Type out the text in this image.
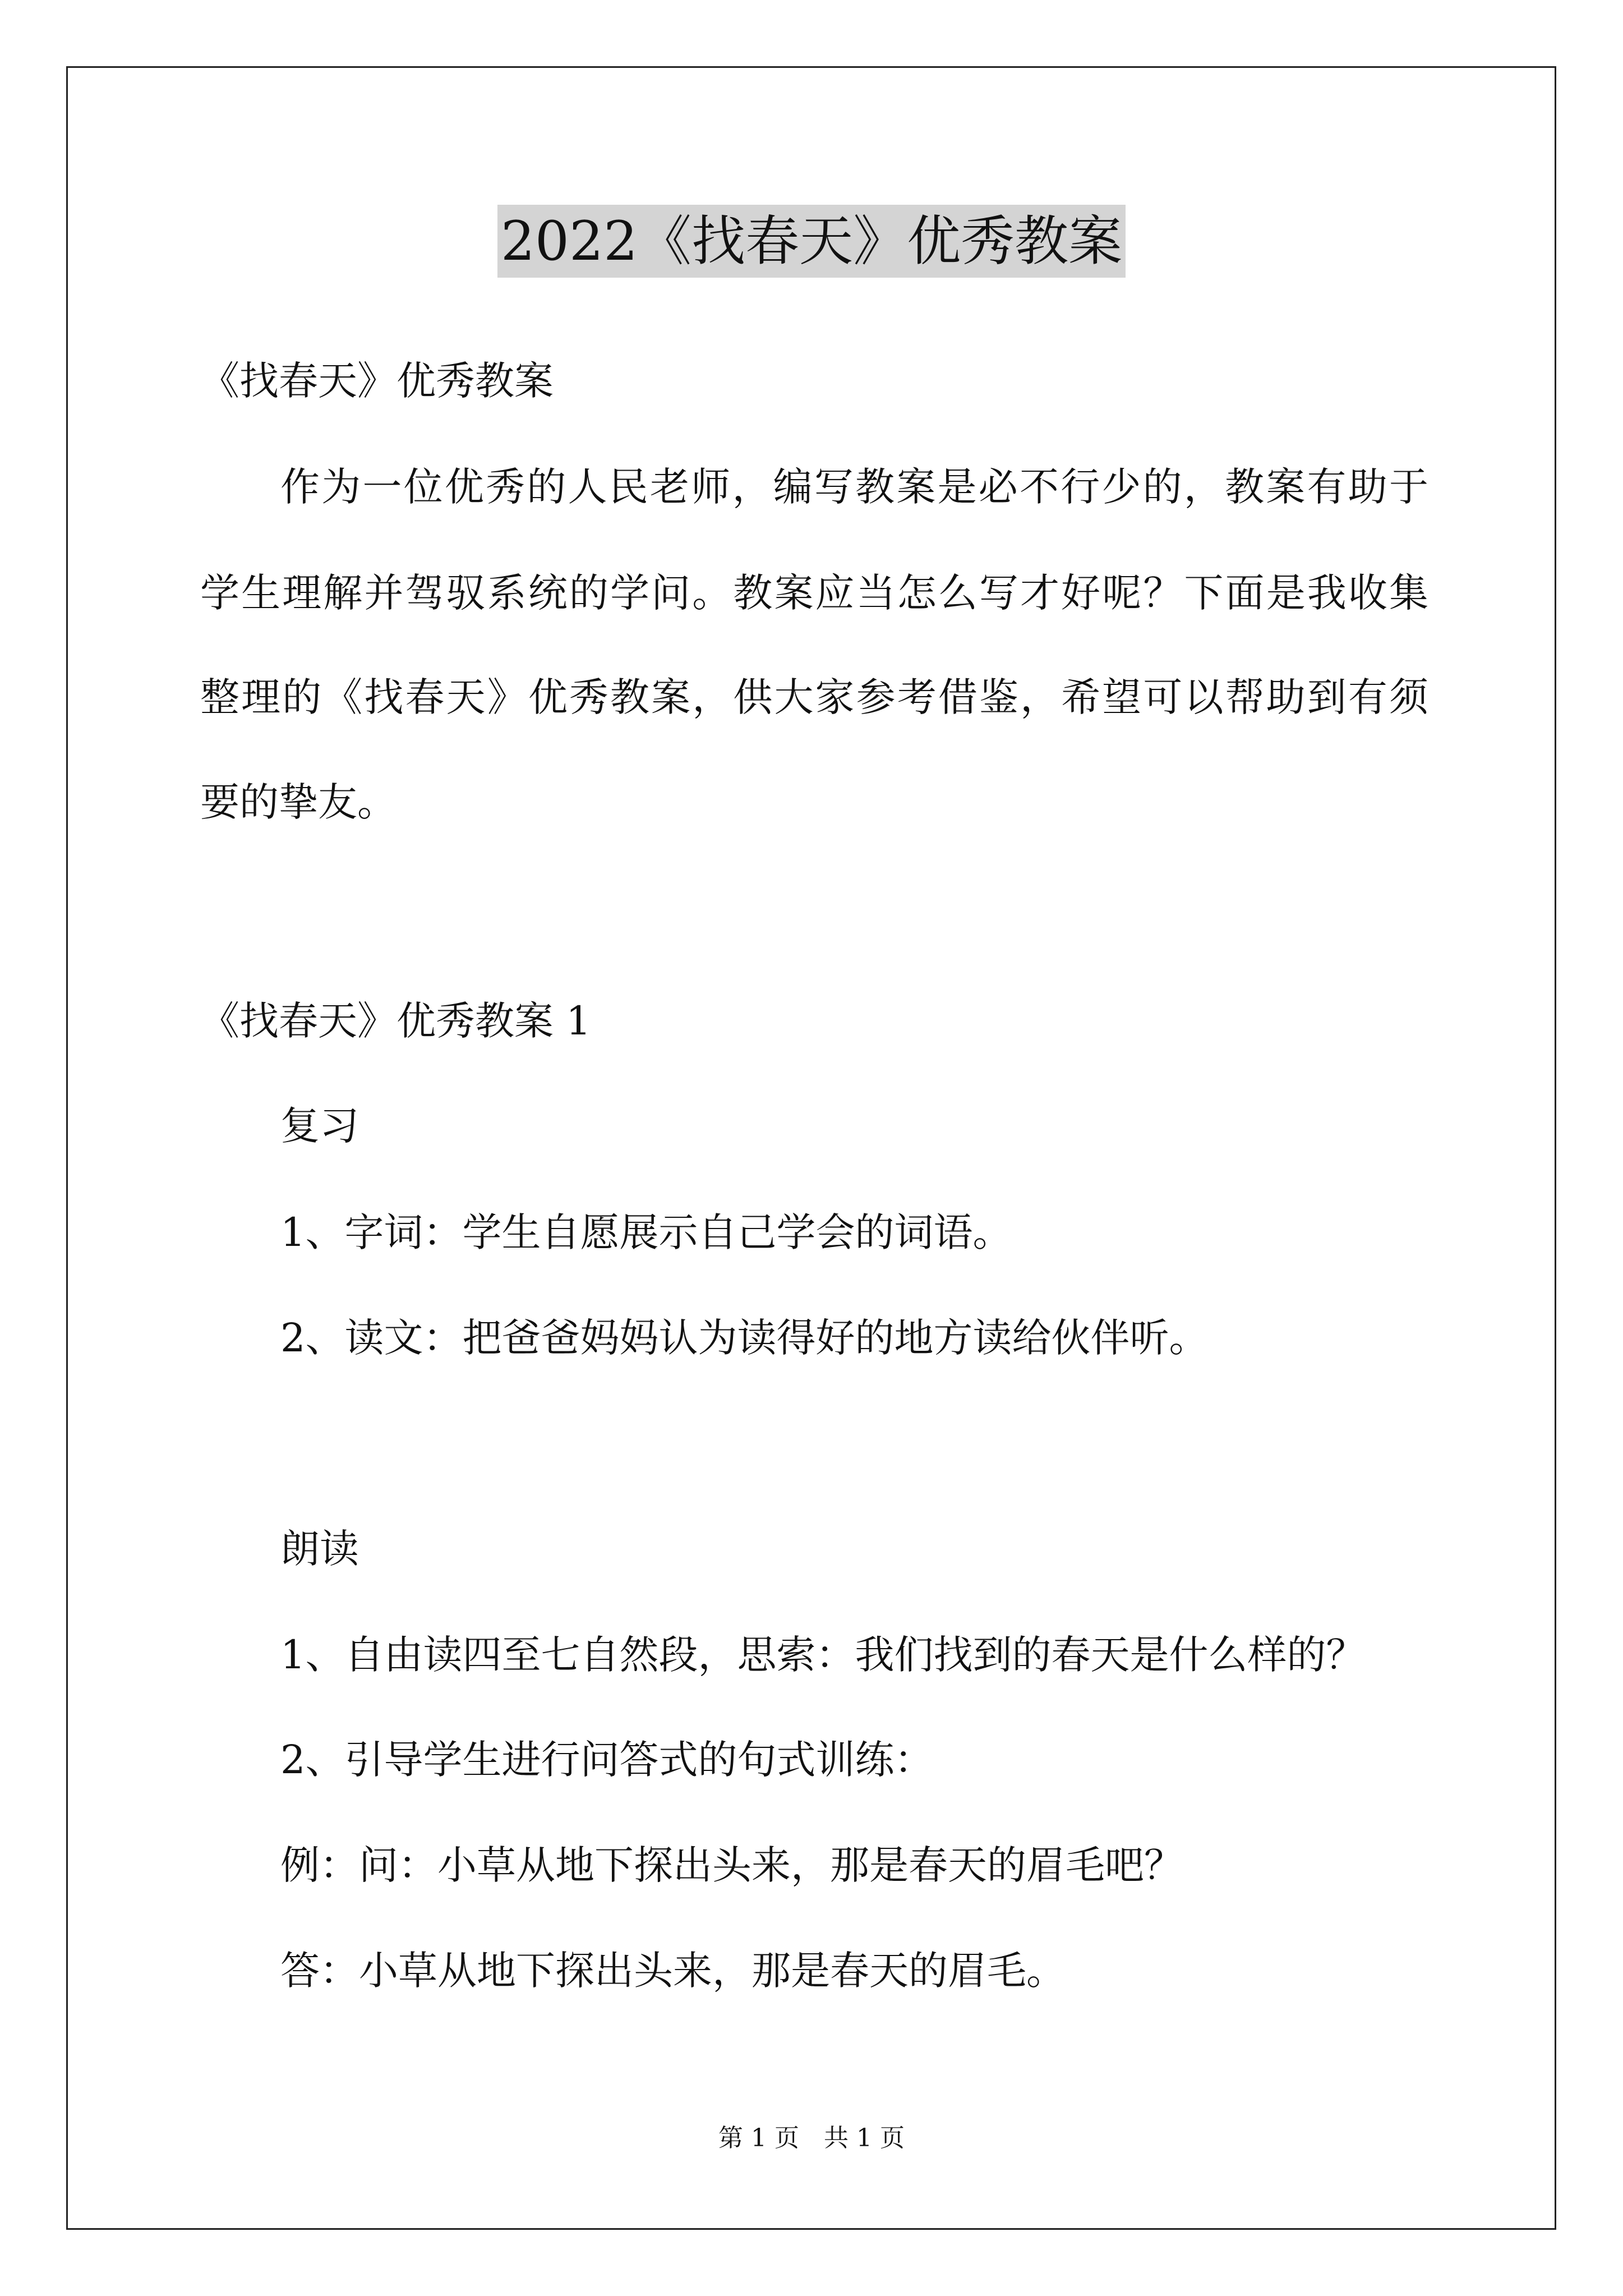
2022《找春天》优秀教案

《找春天》优秀教案

作为一位优秀的人民老师，编写教案是必不行少的，教案有助于

学生理解并驾驭系统的学问。教案应当怎么写才好呢？下面是我收集

整理的《找春天》优秀教案，供大家参考借鉴，希望可以帮助到有须

要的挚友。

《找春天》优秀教案 1

复习

1、字词：学生自愿展示自己学会的词语。

2、读文：把爸爸妈妈认为读得好的地方读给伙伴听。

朗读

1、自由读四至七自然段，思索：我们找到的春天是什么样的？

2、引导学生进行问答式的句式训练：

例：问：小草从地下探出头来，那是春天的眉毛吧？

答：小草从地下探出头来，那是春天的眉毛。

第 1 页　共 1 页
